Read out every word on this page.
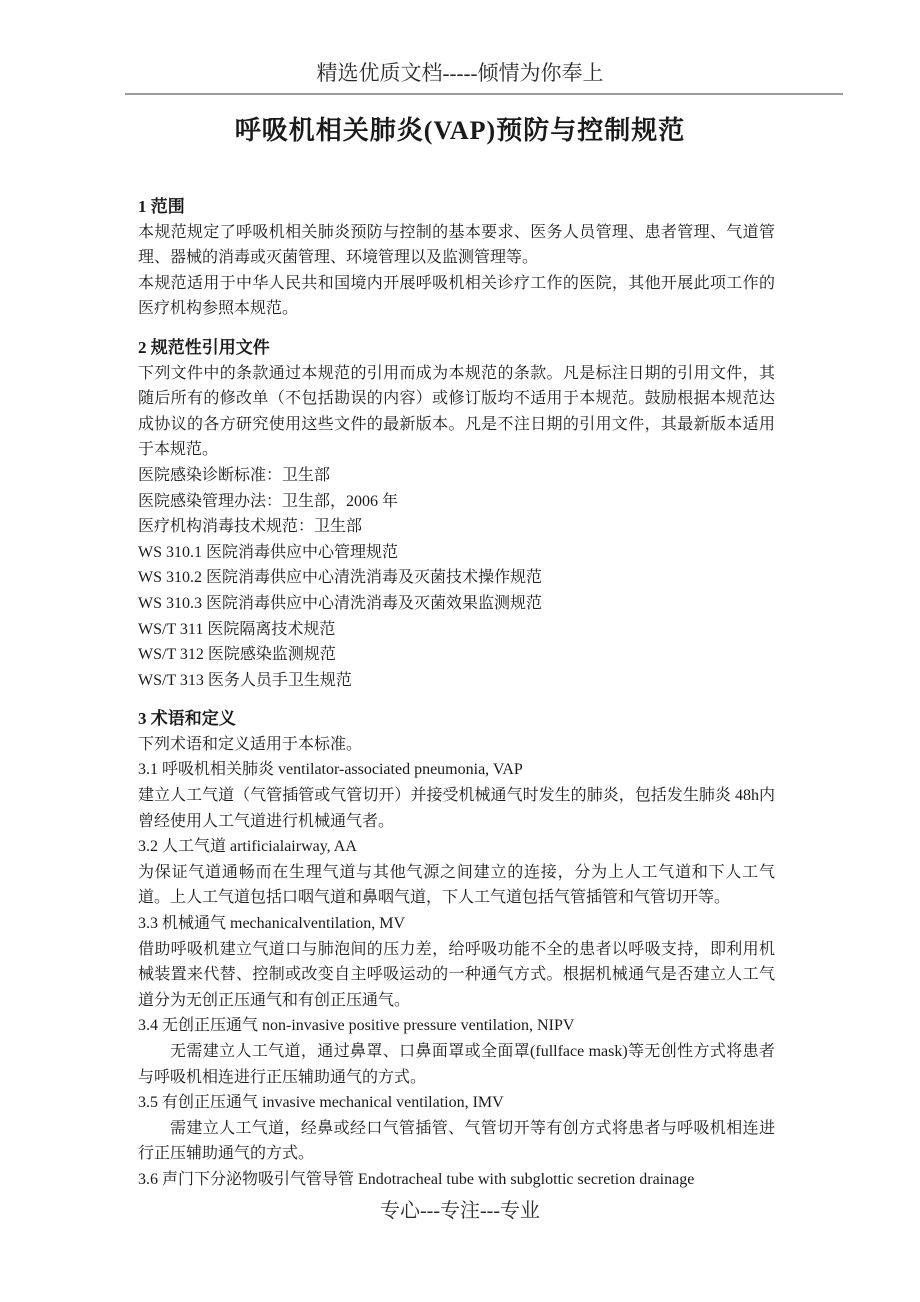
精选优质文档-----倾情为你奉上
呼吸机相关肺炎(VAP)预防与控制规范
1 范围

本规范规定了呼吸机相关肺炎预防与控制的基本要求、医务人员管理、患者管理、气道管理、器械的消毒或灭菌管理、环境管理以及监测管理等。

本规范适用于中华人民共和国境内开展呼吸机相关诊疗工作的医院，其他开展此项工作的医疗机构参照本规范。

2 规范性引用文件

下列文件中的条款通过本规范的引用而成为本规范的条款。凡是标注日期的引用文件，其随后所有的修改单（不包括勘误的内容）或修订版均不适用于本规范。鼓励根据本规范达成协议的各方研究使用这些文件的最新版本。凡是不注日期的引用文件，其最新版本适用于本规范。

医院感染诊断标准：卫生部

医院感染管理办法：卫生部，2006 年

医疗机构消毒技术规范：卫生部

WS 310.1 医院消毒供应中心管理规范

WS 310.2 医院消毒供应中心清洗消毒及灭菌技术操作规范

WS 310.3 医院消毒供应中心清洗消毒及灭菌效果监测规范

WS/T 311 医院隔离技术规范

WS/T 312 医院感染监测规范

WS/T 313 医务人员手卫生规范

3 术语和定义

下列术语和定义适用于本标准。

3.1 呼吸机相关肺炎 ventilator-associated pneumonia, VAP

建立人工气道（气管插管或气管切开）并接受机械通气时发生的肺炎，包括发生肺炎 48h内曾经使用人工气道进行机械通气者。

3.2 人工气道 artificialairway, AA

为保证气道通畅而在生理气道与其他气源之间建立的连接，分为上人工气道和下人工气道。上人工气道包括口咽气道和鼻咽气道，下人工气道包括气管插管和气管切开等。

3.3 机械通气 mechanicalventilation, MV

借助呼吸机建立气道口与肺泡间的压力差，给呼吸功能不全的患者以呼吸支持，即利用机械装置来代替、控制或改变自主呼吸运动的一种通气方式。根据机械通气是否建立人工气道分为无创正压通气和有创正压通气。

3.4 无创正压通气 non-invasive positive pressure ventilation, NIPV

无需建立人工气道，通过鼻罩、口鼻面罩或全面罩(fullface mask)等无创性方式将患者与呼吸机相连进行正压辅助通气的方式。

3.5 有创正压通气 invasive mechanical ventilation, IMV

需建立人工气道，经鼻或经口气管插管、气管切开等有创方式将患者与呼吸机相连进行正压辅助通气的方式。

3.6 声门下分泌物吸引气管导管 Endotracheal tube with subglottic secretion drainage

专心---专注---专业
